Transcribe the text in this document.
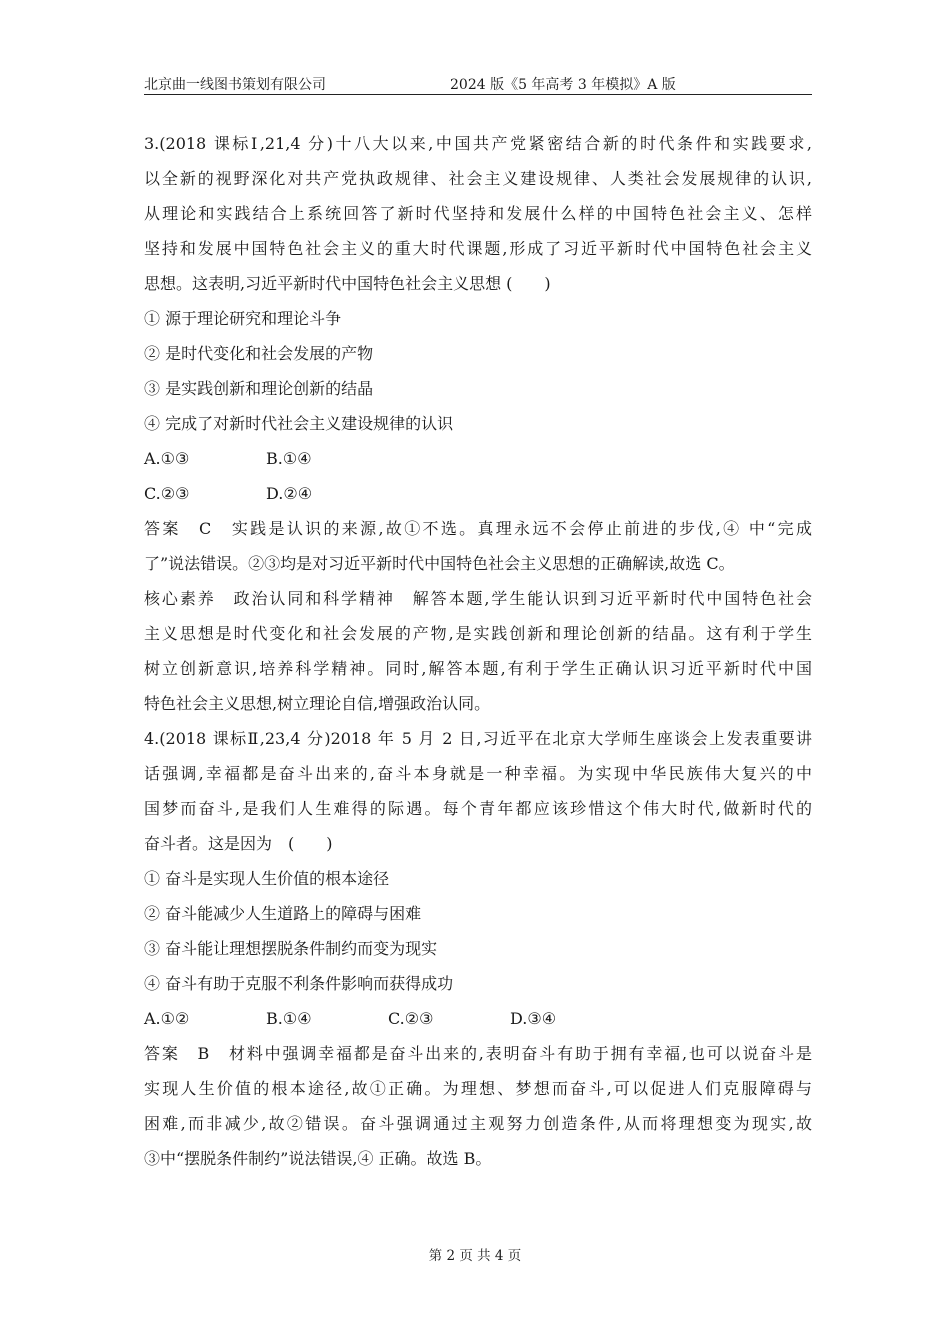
北京曲一线图书策划有限公司	2024 版《5 年高考 3 年模拟》A 版
3.(2018 课标Ⅰ,21,4 分)十八大以来,中国共产党紧密结合新的时代条件和实践要求,
以全新的视野深化对共产党执政规律、社会主义建设规律、人类社会发展规律的认识,
从理论和实践结合上系统回答了新时代坚持和发展什么样的中国特色社会主义、怎样
坚持和发展中国特色社会主义的重大时代课题,形成了习近平新时代中国特色社会主义
思想。这表明,习近平新时代中国特色社会主义思想 (　　)
① 源于理论研究和理论斗争
② 是时代变化和社会发展的产物
③ 是实践创新和理论创新的结晶
④ 完成了对新时代社会主义建设规律的认识
A.①③	B.①④
C.②③	D.②④
答案　C　实践是认识的来源,故①不选。真理永远不会停止前进的步伐,④ 中“完成
了”说法错误。②③均是对习近平新时代中国特色社会主义思想的正确解读,故选 C。
核心素养　政治认同和科学精神　解答本题,学生能认识到习近平新时代中国特色社会
主义思想是时代变化和社会发展的产物,是实践创新和理论创新的结晶。这有利于学生
树立创新意识,培养科学精神。同时,解答本题,有利于学生正确认识习近平新时代中国
特色社会主义思想,树立理论自信,增强政治认同。
4.(2018 课标Ⅱ,23,4 分)2018 年 5 月 2 日,习近平在北京大学师生座谈会上发表重要讲
话强调,幸福都是奋斗出来的,奋斗本身就是一种幸福。为实现中华民族伟大复兴的中
国梦而奋斗,是我们人生难得的际遇。每个青年都应该珍惜这个伟大时代,做新时代的
奋斗者。这是因为　(　　)
① 奋斗是实现人生价值的根本途径
② 奋斗能减少人生道路上的障碍与困难
③ 奋斗能让理想摆脱条件制约而变为现实
④ 奋斗有助于克服不利条件影响而获得成功
A.①②	B.①④	C.②③	D.③④
答案　B　材料中强调幸福都是奋斗出来的,表明奋斗有助于拥有幸福,也可以说奋斗是
实现人生价值的根本途径,故①正确。为理想、梦想而奋斗,可以促进人们克服障碍与
困难,而非减少,故②错误。奋斗强调通过主观努力创造条件,从而将理想变为现实,故
③中“摆脱条件制约”说法错误,④ 正确。故选 B。
第 2 页 共 4 页
